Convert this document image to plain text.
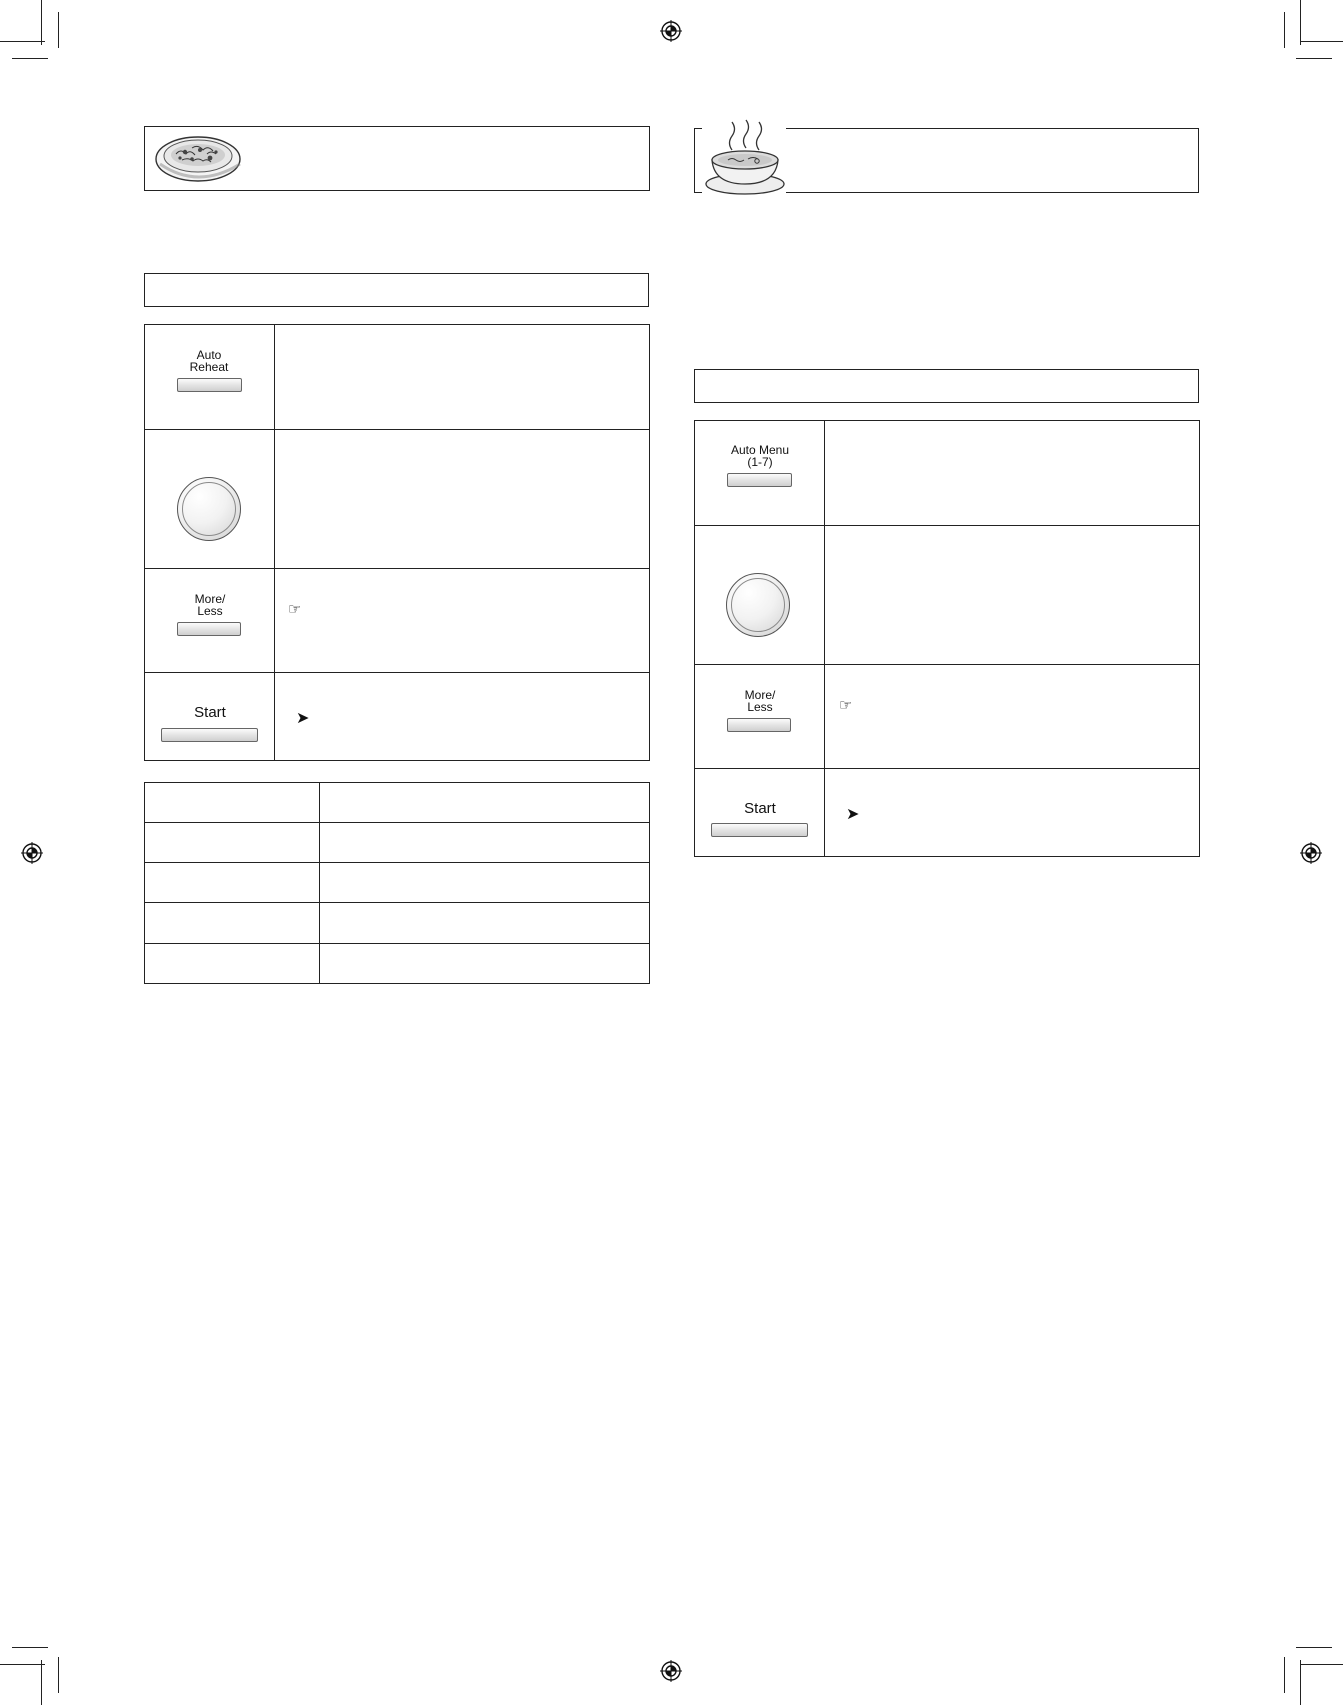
Auto
Reheat
More/
Less	☞
Start	➤
Auto Menu
(1-7)
More/
Less	☞
Start	➤
